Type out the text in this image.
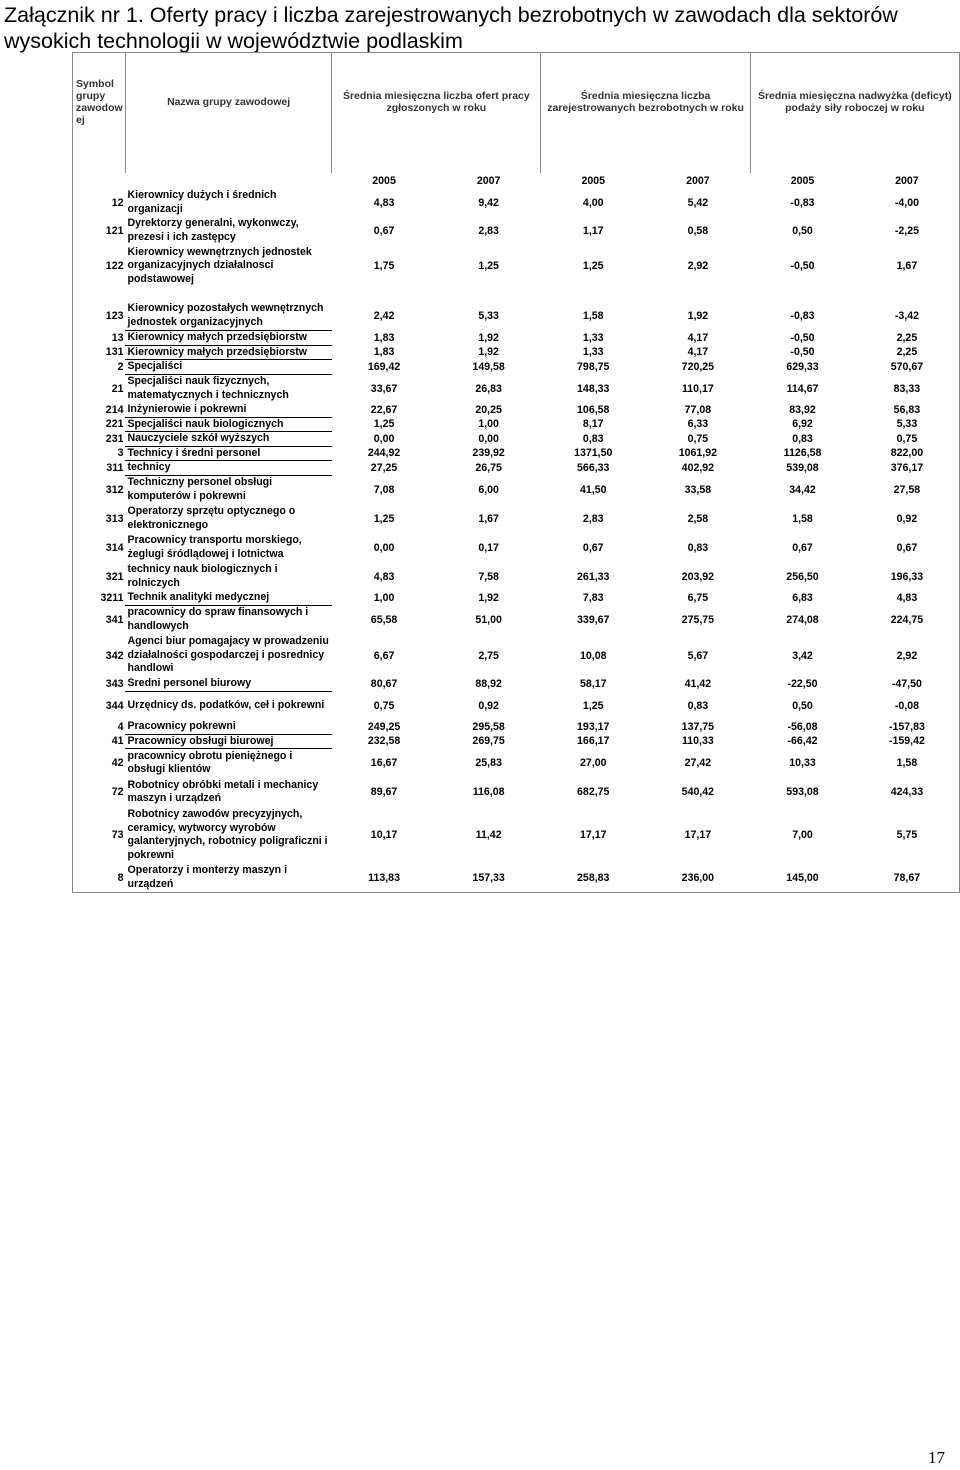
Załącznik nr 1. Oferty pracy i liczba zarejestrowanych bezrobotnych w zawodach dla sektorów wysokich technologii w województwie podlaskim
Symbol grupy zawodow ej	Nazwa grupy zawodowej	Średnia miesięczna liczba ofert pracy zgłoszonych w roku		Średnia miesięczna liczba zarejestrowanych bezrobotnych w roku		Średnia miesięczna nadwyżka (deficyt) podaży siły roboczej w roku	

		2005	2007	2005	2007	2005	2007
12	Kierownicy dużych i średnich organizacji	4,83	9,42	4,00	5,42	-0,83	-4,00
121	Dyrektorzy generalni, wykonwczy, prezesi i ich zastępcy	0,67	2,83	1,17	0,58	0,50	-2,25
122	Kierownicy wewnętrznych jednostek organizacyjnych działalnosci podstawowej	1,75	1,25	1,25	2,92	-0,50	1,67

123	Kierownicy pozostałych wewnętrznych jednostek organizacyjnych	2,42	5,33	1,58	1,92	-0,83	-3,42
13	Kierownicy małych przedsiębiorstw	1,83	1,92	1,33	4,17	-0,50	2,25
131	Kierownicy małych przedsiębiorstw	1,83	1,92	1,33	4,17	-0,50	2,25
2	Specjaliści	169,42	149,58	798,75	720,25	629,33	570,67
21	Specjaliści nauk fizycznych, matematycznych i technicznych	33,67	26,83	148,33	110,17	114,67	83,33
214	Inżynierowie i pokrewni	22,67	20,25	106,58	77,08	83,92	56,83
221	Specjaliści nauk biologicznych	1,25	1,00	8,17	6,33	6,92	5,33
231	Nauczyciele szkół wyższych	0,00	0,00	0,83	0,75	0,83	0,75
3	Technicy i średni personel	244,92	239,92	1371,50	1061,92	1126,58	822,00
311	technicy	27,25	26,75	566,33	402,92	539,08	376,17
312	Techniczny personel obsługi komputerów i pokrewni	7,08	6,00	41,50	33,58	34,42	27,58
313	Operatorzy sprzętu optycznego o elektronicznego	1,25	1,67	2,83	2,58	1,58	0,92
314	Pracownicy transportu morskiego, żeglugi śródlądowej i lotnictwa	0,00	0,17	0,67	0,83	0,67	0,67
321	technicy nauk biologicznych i rolniczych	4,83	7,58	261,33	203,92	256,50	196,33
3211	Technik analityki medycznej	1,00	1,92	7,83	6,75	6,83	4,83
341	pracownicy do spraw finansowych i handlowych	65,58	51,00	339,67	275,75	274,08	224,75
342	Agenci biur pomagajacy w prowadzeniu działalności gospodarczej i posrednicy handlowi	6,67	2,75	10,08	5,67	3,42	2,92
343	Średni personel biurowy	80,67	88,92	58,17	41,42	-22,50	-47,50
344	Urzędnicy ds. podatków, ceł i pokrewni	0,75	0,92	1,25	0,83	0,50	-0,08
4	Pracownicy pokrewni	249,25	295,58	193,17	137,75	-56,08	-157,83
41	Pracownicy obsługi biurowej	232,58	269,75	166,17	110,33	-66,42	-159,42
42	pracownicy obrotu pieniężnego i obsługi klientów	16,67	25,83	27,00	27,42	10,33	1,58
72	Robotnicy obróbki metali i mechanicy maszyn i urządzeń	89,67	116,08	682,75	540,42	593,08	424,33
73	Robotnicy zawodów precyzyjnych, ceramicy, wytworcy wyrobów galanteryjnych, robotnicy poligraficzni i pokrewni	10,17	11,42	17,17	17,17	7,00	5,75
8	Operatorzy i monterzy maszyn i urządzeń	113,83	157,33	258,83	236,00	145,00	78,67
17
